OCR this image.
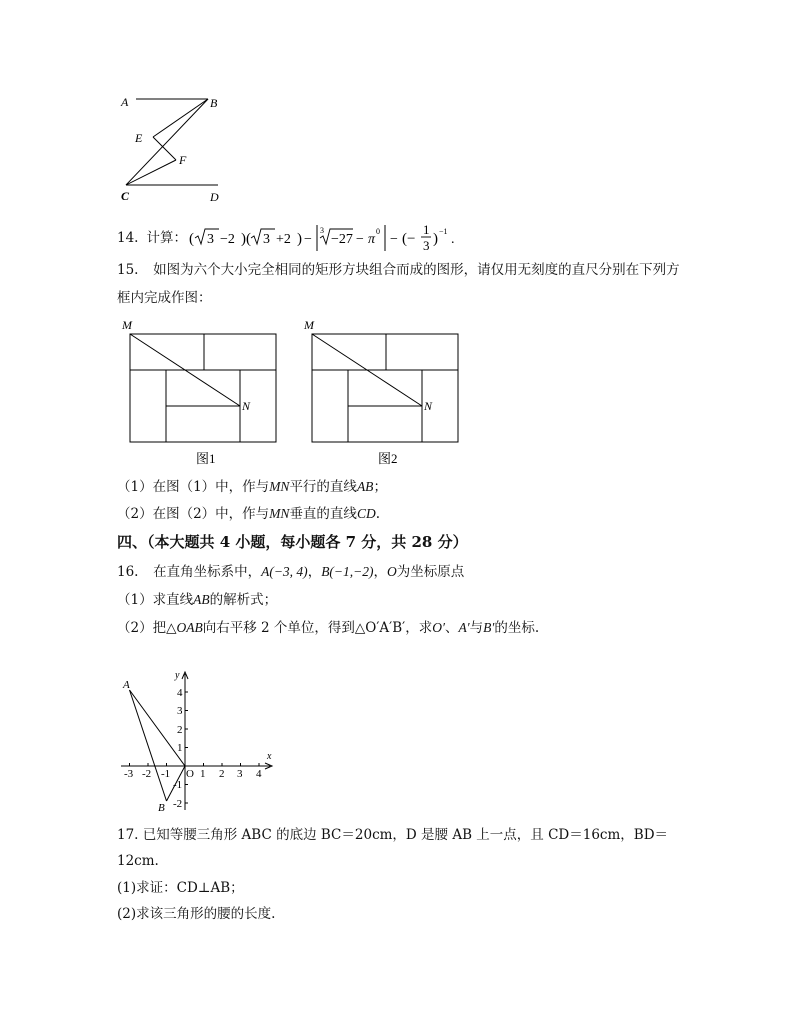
A	B
E
F
C	D
14. 计算： ( 3 −2 )( 3 +2 ) −
3
−27 − π
0
− (−
1
3 ) −1
.
15. 如图为六个大小完全相同的矩形方块组合而成的图形，请仅用无刻度的直尺分别在下列方
框内完成作图：
M
N
图1
M
N
图2
（1）在图（1）中，作与MN平行的直线AB；
（2）在图（2）中，作与MN垂直的直线CD.
四、（本大题共 4 小题，每小题各 7 分，共 28 分）
16. 在直角坐标系中，A(−3, 4)，B(−1,−2)，O为坐标原点
（1）求直线AB的解析式；
（2）把△OAB向右平移 2 个单位，得到△O′A′B′，求O′、A′与B′的坐标.
x
y
O
-3 -2 -1	1 2 3 4
4
3
2
1
-1
-2
A
B
17. 已知等腰三角形 ABC 的底边 BC＝20cm，D 是腰 AB 上一点，且 CD＝16cm，BD＝
12cm.
(1)求证：CD⊥AB；
(2)求该三角形的腰的长度.
